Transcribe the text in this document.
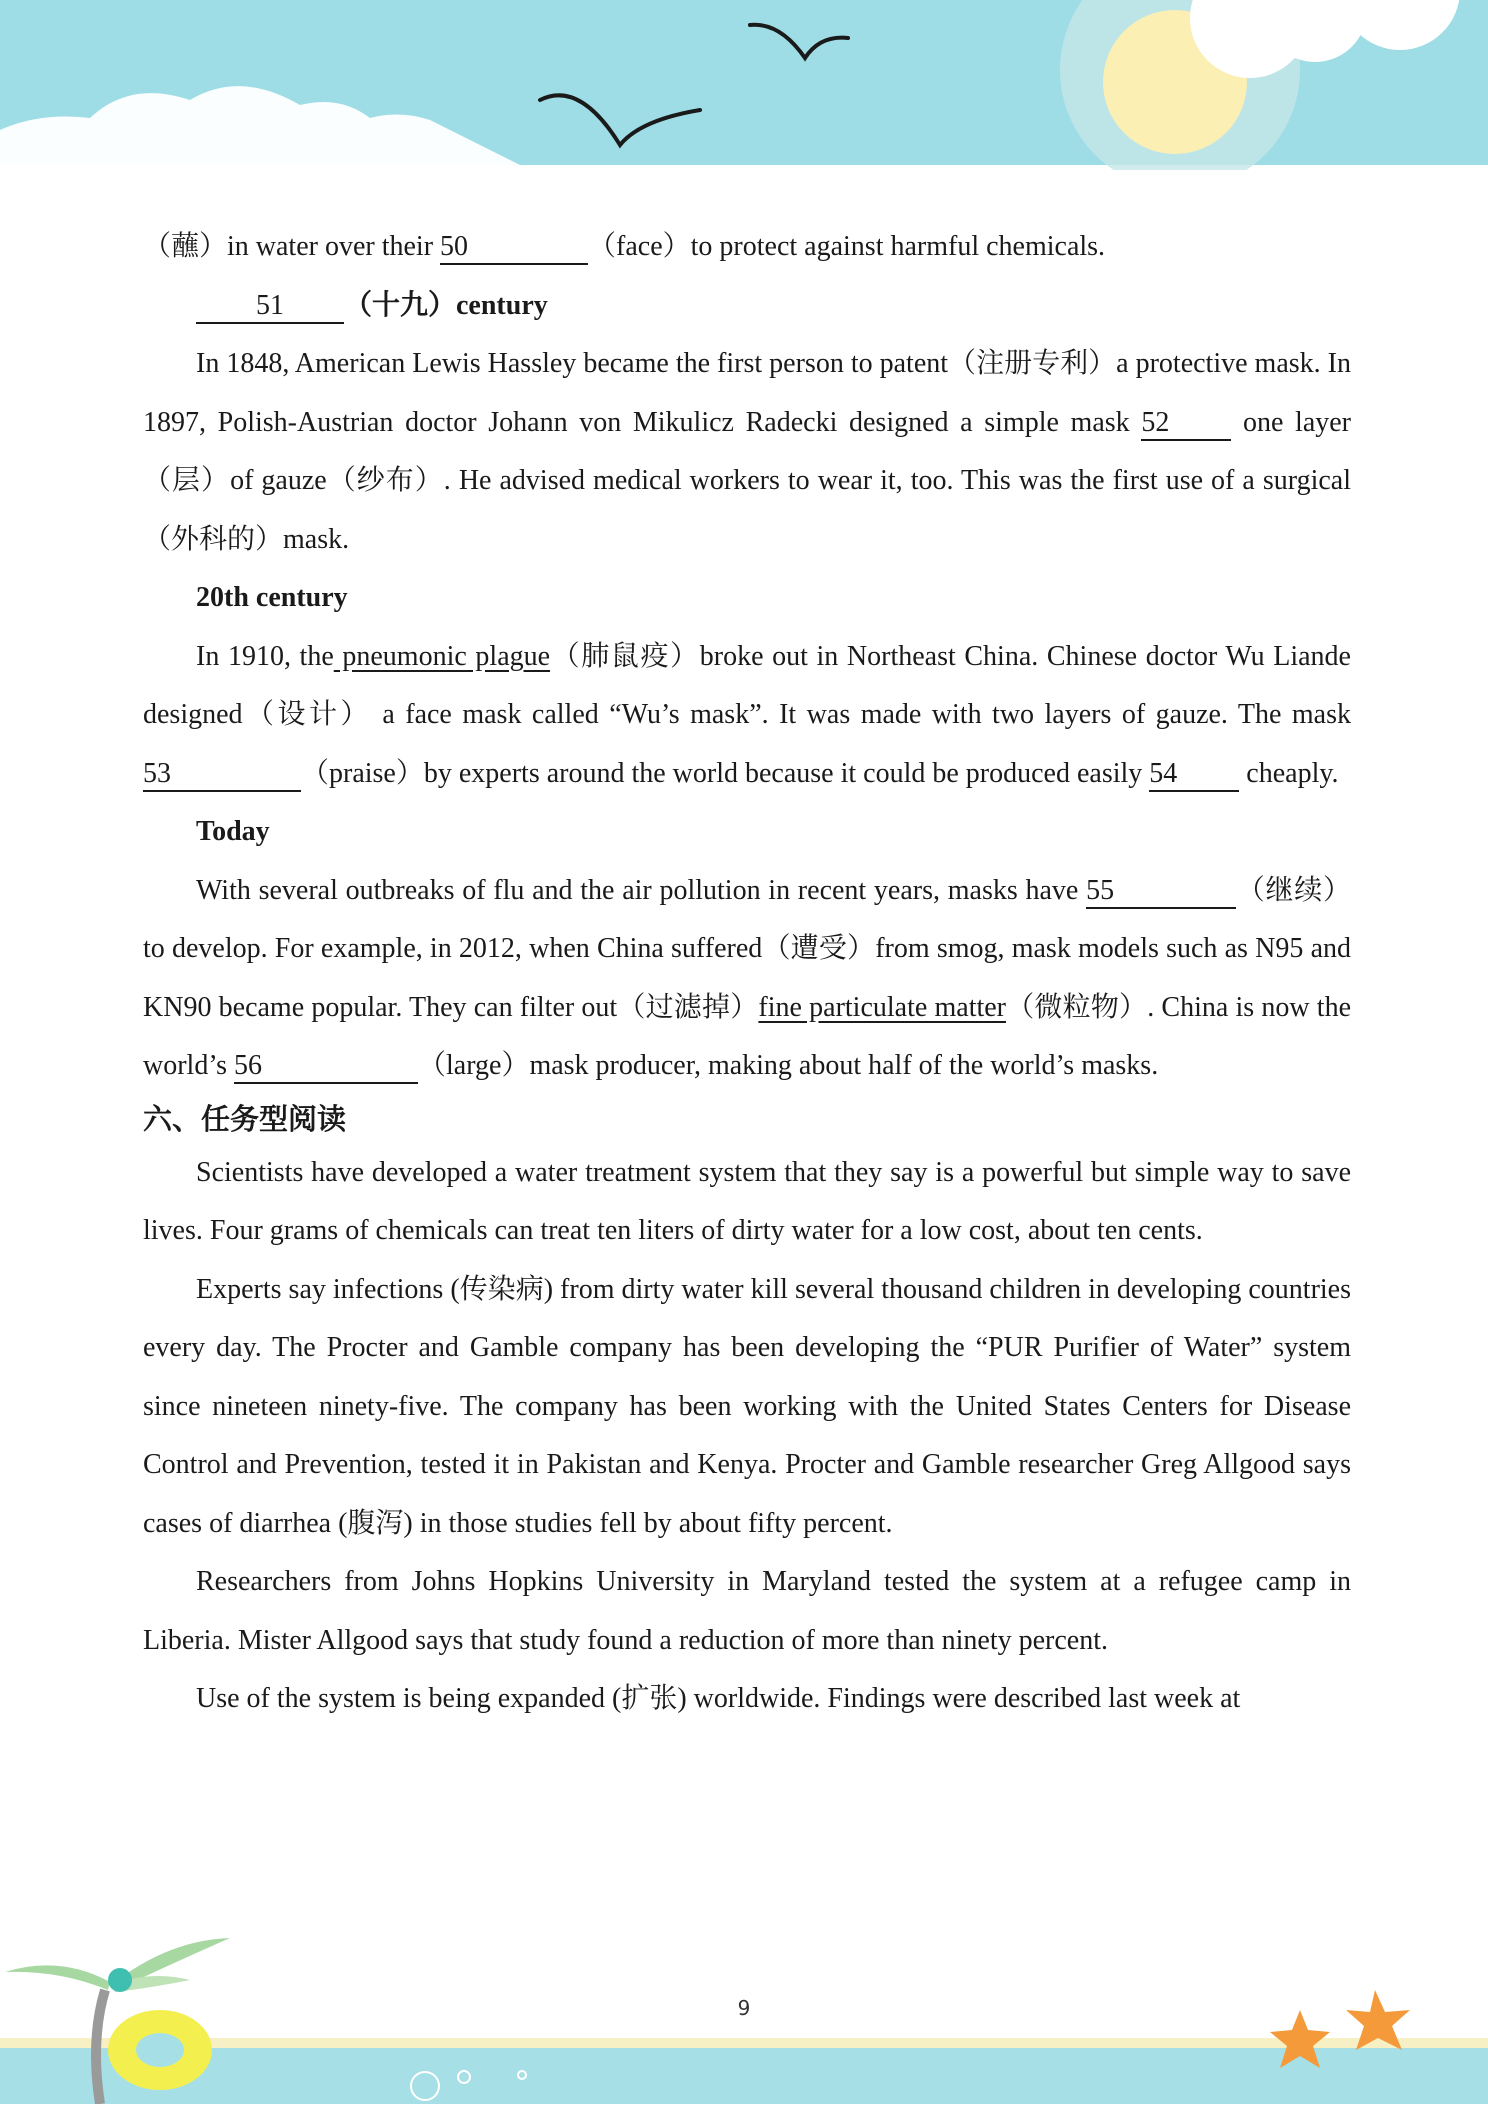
（蘸）in water over their 50	（face）to protect against harmful chemicals.

51 （十九）century

In 1848, American Lewis Hassley became the first person to patent（注册专利）a protective mask. In 1897, Polish-Austrian doctor Johann von Mikulicz Radecki designed a simple mask 52 one layer（层）of gauze（纱布）. He advised medical workers to wear it, too. This was the first use of a surgical（外科的）mask.

20th century

In 1910, the pneumonic plague（肺鼠疫）broke out in Northeast China. Chinese doctor Wu Liande designed（设计） a face mask called “Wu’s mask”. It was made with two layers of gauze. The mask 53	（praise）by experts around the world because it could be produced easily 54 cheaply.

Today

With several outbreaks of flu and the air pollution in recent years, masks have 55	（继续）to develop. For example, in 2012, when China suffered（遭受）from smog, mask models such as N95 and KN90 became popular. They can filter out（过滤掉）fine particulate matter（微粒物）. China is now the world’s 56	（large）mask producer, making about half of the world’s masks.

六、任务型阅读

Scientists have developed a water treatment system that they say is a powerful but simple way to save lives. Four grams of chemicals can treat ten liters of dirty water for a low cost, about ten cents.

Experts say infections (传染病) from dirty water kill several thousand children in developing countries every day. The Procter and Gamble company has been developing the “PUR Purifier of Water” system since nineteen ninety-five. The company has been working with the United States Centers for Disease Control and Prevention, tested it in Pakistan and Kenya. Procter and Gamble researcher Greg Allgood says cases of diarrhea (腹泻) in those studies fell by about fifty percent.

Researchers from Johns Hopkins University in Maryland tested the system at a refugee camp in Liberia. Mister Allgood says that study found a reduction of more than ninety percent.

Use of the system is being expanded (扩张) worldwide. Findings were described last week at

9
